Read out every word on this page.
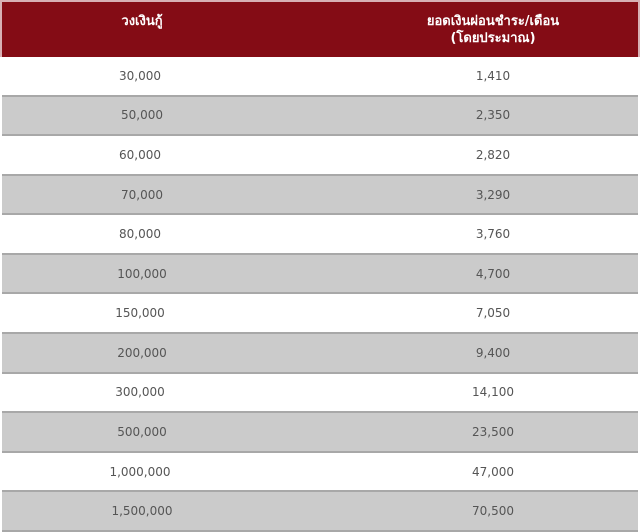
วงเงินกู้	ยอดเงินผ่อนชำระ/เดือน
(โดยประมาณ)
30,000	1,410
50,000	2,350
60,000	2,820
70,000	3,290
80,000	3,760
100,000	4,700
150,000	7,050
200,000	9,400
300,000	14,100
500,000	23,500
1,000,000	47,000
1,500,000	70,500
